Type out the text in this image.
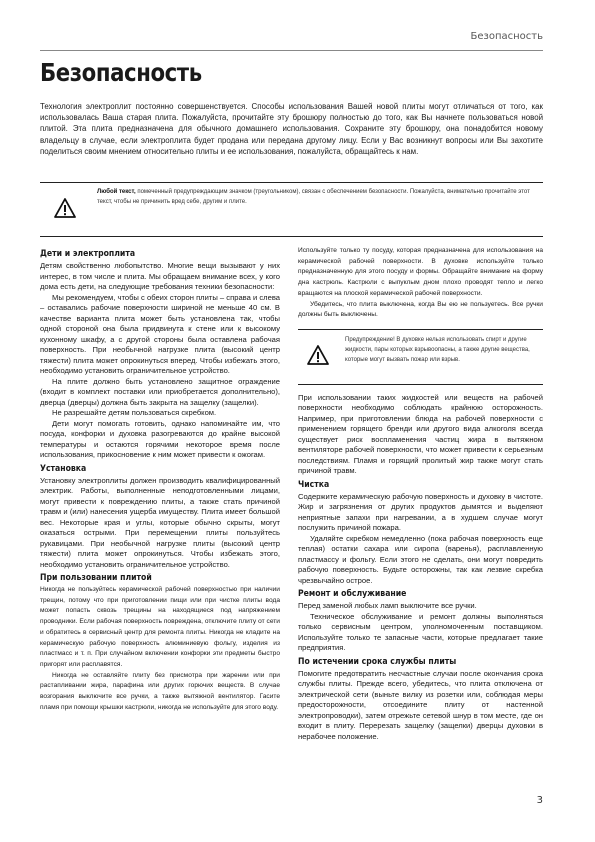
Безопасность
Безопасность

Технология электроплит постоянно совершенствуется. Способы использования Вашей новой плиты могут отличаться от того, как использовалась Ваша старая плита. Пожалуйста, прочитайте эту брошюру полностью до того, как Вы начнете пользоваться новой плитой. Эта плита предназначена для обычного домашнего использования. Сохраните эту брошюру, она понадобится новому владельцу в случае, если электроплита будет продана или передана другому лицу. Если у Вас возникнут вопросы или Вы захотите поделиться своим мнением относительно плиты и ее использования, пожалуйста, обращайтесь к нам.

Любой текст, помеченный предупреждающим значком (треугольником), связан с обеспечением безопасности. Пожалуйста, внимательно прочитайте этот текст, чтобы не причинить вред себе, другим и плите.

Дети и электроплита

Детям свойственно любопытство. Многие вещи вызывают у них интерес, в том числе и плита. Мы обращаем внимание всех, у кого дома есть дети, на следующие требования техники безопасности:

Мы рекомендуем, чтобы с обеих сторон плиты – справа и слева – оставались рабочие поверхности шириной не меньше 40 см. В качестве варианта плита может быть установлена так, чтобы одной стороной она была придвинута к стене или к высокому кухонному шкафу, а с другой стороны была оставлена рабочая поверхность. При необычной нагрузке плита (высокий центр тяжести) плита может опрокинуться вперед. Чтобы избежать этого, необходимо установить ограничительное устройство.

На плите должно быть установлено защитное ограждение (входит в комплект поставки или приобретается дополнительно), дверца (дверцы) должна быть закрыта на защелку (защелки).

Не разрешайте детям пользоваться скребком.

Дети могут помогать готовить, однако напоминайте им, что посуда, конфорки и духовка разогреваются до крайне высокой температуры и остаются горячими некоторое время после использования, прикосновение к ним может привести к ожогам.

Установка

Установку электроплиты должен производить квалифицированный электрик. Работы, выполненные неподготовленными лицами, могут привести к повреждению плиты, а также стать причиной травм и (или) нанесения ущерба имуществу. Плита имеет большой вес. Некоторые края и углы, которые обычно скрыты, могут оказаться острыми. При перемещении плиты пользуйтесь рукавицами. При необычной нагрузке плиты (высокий центр тяжести) плита может опрокинуться. Чтобы избежать этого, необходимо установить ограничительное устройство.

При пользовании плитой

Никогда не пользуйтесь керамической рабочей поверхностью при наличии трещин, потому что при приготовлении пищи или при чистке плиты вода может попасть сквозь трещины на находящиеся под напряжением проводники. Если рабочая поверхность повреждена, отключите плиту от сети и обратитесь в сервисный центр для ремонта плиты. Никогда не кладите на керамическую рабочую поверхность алюминиевую фольгу, изделия из пластмасс и т. п. При случайном включении конфорки эти предметы быстро пригорят или расплавятся.

Никогда не оставляйте плиту без присмотра при жарении или при растапливании жира, парафина или других горючих веществ. В случае возгорания выключите все ручки, а также вытяжной вентилятор. Гасите пламя при помощи крышки кастрюли, никогда не используйте для этого воду.

Используйте только ту посуду, которая предназначена для использования на керамической рабочей поверхности. В духовке используйте только предназначенную для этого посуду и формы. Обращайте внимание на форму дна кастрюль. Кастрюли с выпуклым дном плохо проводят тепло и легко вращаются на плоской керамической рабочей поверхности.

Убедитесь, что плита выключена, когда Вы ею не пользуетесь. Все ручки должны быть выключены.

Предупреждение! В духовке нельзя использовать спирт и другие жидкости, пары которых взрывоопасны, а также другие вещества, которые могут вызвать пожар или взрыв.

При использовании таких жидкостей или веществ на рабочей поверхности необходимо соблюдать крайнюю осторожность. Например, при приготовлении блюда на рабочей поверхности с применением горящего бренди или другого вида алкоголя всегда существует риск воспламенения частиц жира в вытяжном вентиляторе рабочей поверхности, что может привести к серьезным последствиям. Пламя и горящий пролитый жир также могут стать причиной травм.

Чистка

Содержите керамическую рабочую поверхность и духовку в чистоте. Жир и загрязнения от других продуктов дымятся и выделяют неприятные запахи при нагревании, а в худшем случае могут послужить причиной пожара.

Удаляйте скребком немедленно (пока рабочая поверхность еще теплая) остатки сахара или сиропа (варенья), расплавленную пластмассу и фольгу. Если этого не сделать, они могут повредить рабочую поверхность. Будьте осторожны, так как лезвие скребка чрезвычайно острое.

Ремонт и обслуживание

Перед заменой любых ламп выключите все ручки.

Техническое обслуживание и ремонт должны выполняться только сервисным центром, уполномоченным поставщиком. Используйте только те запасные части, которые предлагает такие предприятия.

По истечении срока службы плиты

Помогите предотвратить несчастные случаи после окончания срока службы плиты. Прежде всего, убедитесь, что плита отключена от электрической сети (выньте вилку из розетки или, соблюдая меры предосторожности, отсоедините плиту от настенной электропроводки), затем отрежьте сетевой шнур в том месте, где он входит в плиту. Перерезать защелку (защелки) дверцы духовки в нерабочее положение.

3
